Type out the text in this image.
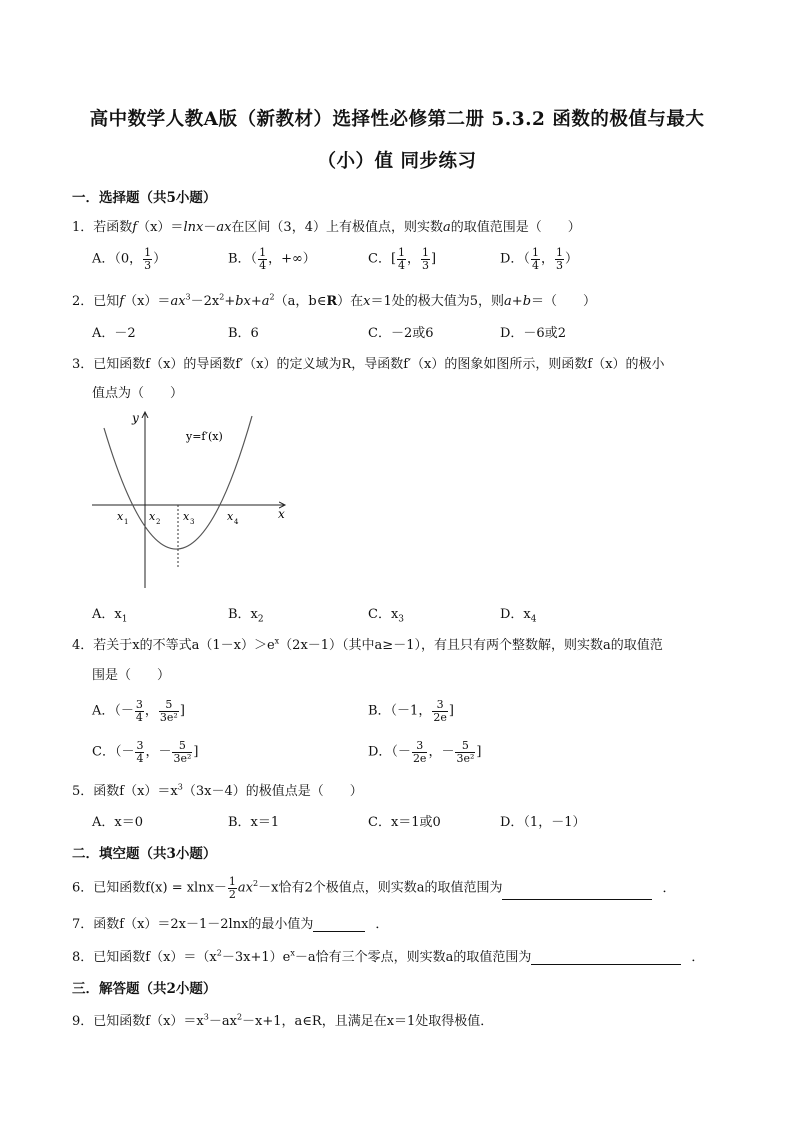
高中数学人教A版（新教材）选择性必修第二册 5.3.2 函数的极值与最大
（小）值 同步练习
一．选择题（共5小题）
1．若函数f（x）＝lnx－ax在区间（3，4）上有极值点，则实数a的取值范围是（　　）
A．（0， $\frac{1}{3}$ ）	B．（ $\frac{1}{4}$ ，+∞）	C．[ $\frac{1}{4}$ ， $\frac{1}{3}$ ]	D．（ $\frac{1}{4}$ ， $\frac{1}{3}$ ）
2．已知$f(x)=ax^3-2x^2+bx+a^2(a$，b∈R）在x＝1处的极大值为5，则a+b＝（　　）
A．－2	B．6	C．－2或6	D．－6或2
3．已知函数f（x）的导函数f′（x）的定义域为R，导函数f′（x）的图象如图所示，则函数f（x）的极小
值点为（　　）
y
x
y=f′(x)
x 1 x 2 x 3	x 4
A．$x_1$	B．$x_2$	C．$x_3$	D．$x_4$
4．若关于x的不等式$a(1-x)>e^x(2x-1)$（其中a≥－1），有且只有两个整数解，则实数a的取值范
围是（　　）
A．（－ $\frac{3}{4}$ ， $\frac{5}{\text{3e²}}$ ]	B．（－1， $\frac{3}{2e}$ ]
C．（－ $\frac{3}{4}$ ，－ $\frac{5}{\text{3e²}}$ ]	D．（－ $\frac{3}{2e}$ ，－ $\frac{5}{\text{3e²}}$ ]
5．函数$f(x)=x^3(3x-4)$的极值点是（　　）
A．x＝0	B．x＝1	C．x＝1或0	D．（1，－1）
二．填空题（共3小题）
6．已知函数$f(x) = xlnx- \frac{1}{2} ax^2-x$恰有2个极值点，则实数a的取值范围为	．
7．函数f（x）＝2x－1－2lnx的最小值为	．
8．已知函数$f(x)=(x^2-3x+1)e^x-a$恰有三个零点，则实数a的取值范围为	．
三．解答题（共2小题）
9．已知函数$f(x)=x^3-ax^2-x+1$，a∈R，且满足在x＝1处取得极值．
